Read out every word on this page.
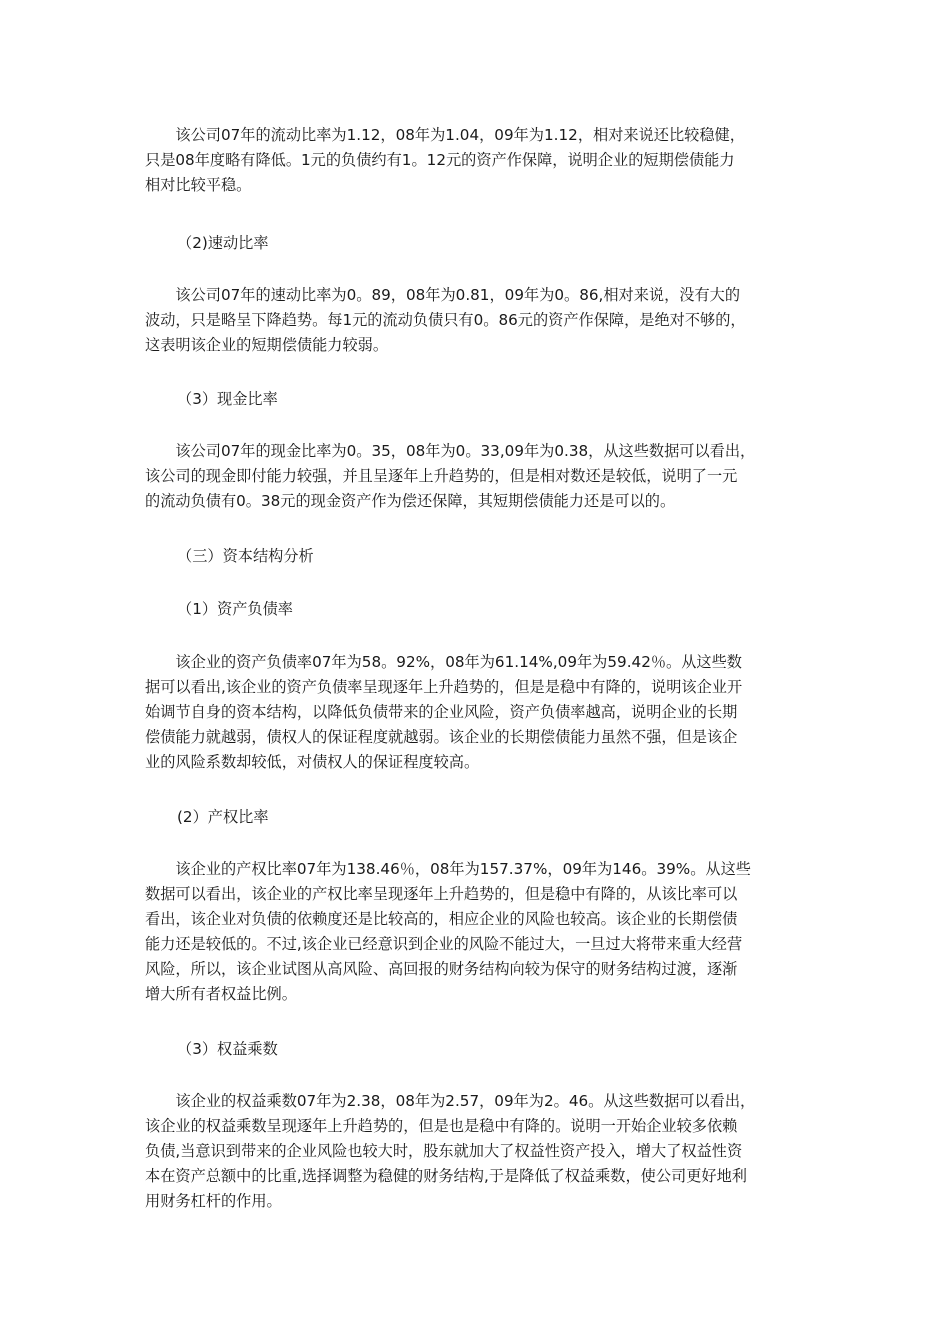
该公司07年的流动比率为1.12，08年为1.04，09年为1.12，相对来说还比较稳健，
只是08年度略有降低。1元的负债约有1。12元的资产作保障，说明企业的短期偿债能力
相对比较平稳。

（2)速动比率

该公司07年的速动比率为0。89，08年为0.81，09年为0。86,相对来说，没有大的
波动，只是略呈下降趋势。每1元的流动负债只有0。86元的资产作保障，是绝对不够的，
这表明该企业的短期偿债能力较弱。

（3）现金比率

该公司07年的现金比率为0。35，08年为0。33,09年为0.38，从这些数据可以看出，
该公司的现金即付能力较强，并且呈逐年上升趋势的，但是相对数还是较低，说明了一元
的流动负债有0。38元的现金资产作为偿还保障，其短期偿债能力还是可以的。

（三）资本结构分析

（1）资产负债率

该企业的资产负债率07年为58。92%，08年为61.14%,09年为59.42％。从这些数
据可以看出,该企业的资产负债率呈现逐年上升趋势的，但是是稳中有降的，说明该企业开
始调节自身的资本结构，以降低负债带来的企业风险，资产负债率越高，说明企业的长期
偿债能力就越弱，债权人的保证程度就越弱。该企业的长期偿债能力虽然不强，但是该企
业的风险系数却较低，对债权人的保证程度较高。

(2）产权比率

该企业的产权比率07年为138.46％，08年为157.37%，09年为146。39%。从这些
数据可以看出，该企业的产权比率呈现逐年上升趋势的，但是稳中有降的，从该比率可以
看出，该企业对负债的依赖度还是比较高的，相应企业的风险也较高。该企业的长期偿债
能力还是较低的。不过,该企业已经意识到企业的风险不能过大，一旦过大将带来重大经营
风险，所以，该企业试图从高风险、高回报的财务结构向较为保守的财务结构过渡，逐渐
增大所有者权益比例。

（3）权益乘数

该企业的权益乘数07年为2.38，08年为2.57，09年为2。46。从这些数据可以看出，
该企业的权益乘数呈现逐年上升趋势的，但是也是稳中有降的。说明一开始企业较多依赖
负债,当意识到带来的企业风险也较大时，股东就加大了权益性资产投入，增大了权益性资
本在资产总额中的比重,选择调整为稳健的财务结构,于是降低了权益乘数，使公司更好地利
用财务杠杆的作用。
